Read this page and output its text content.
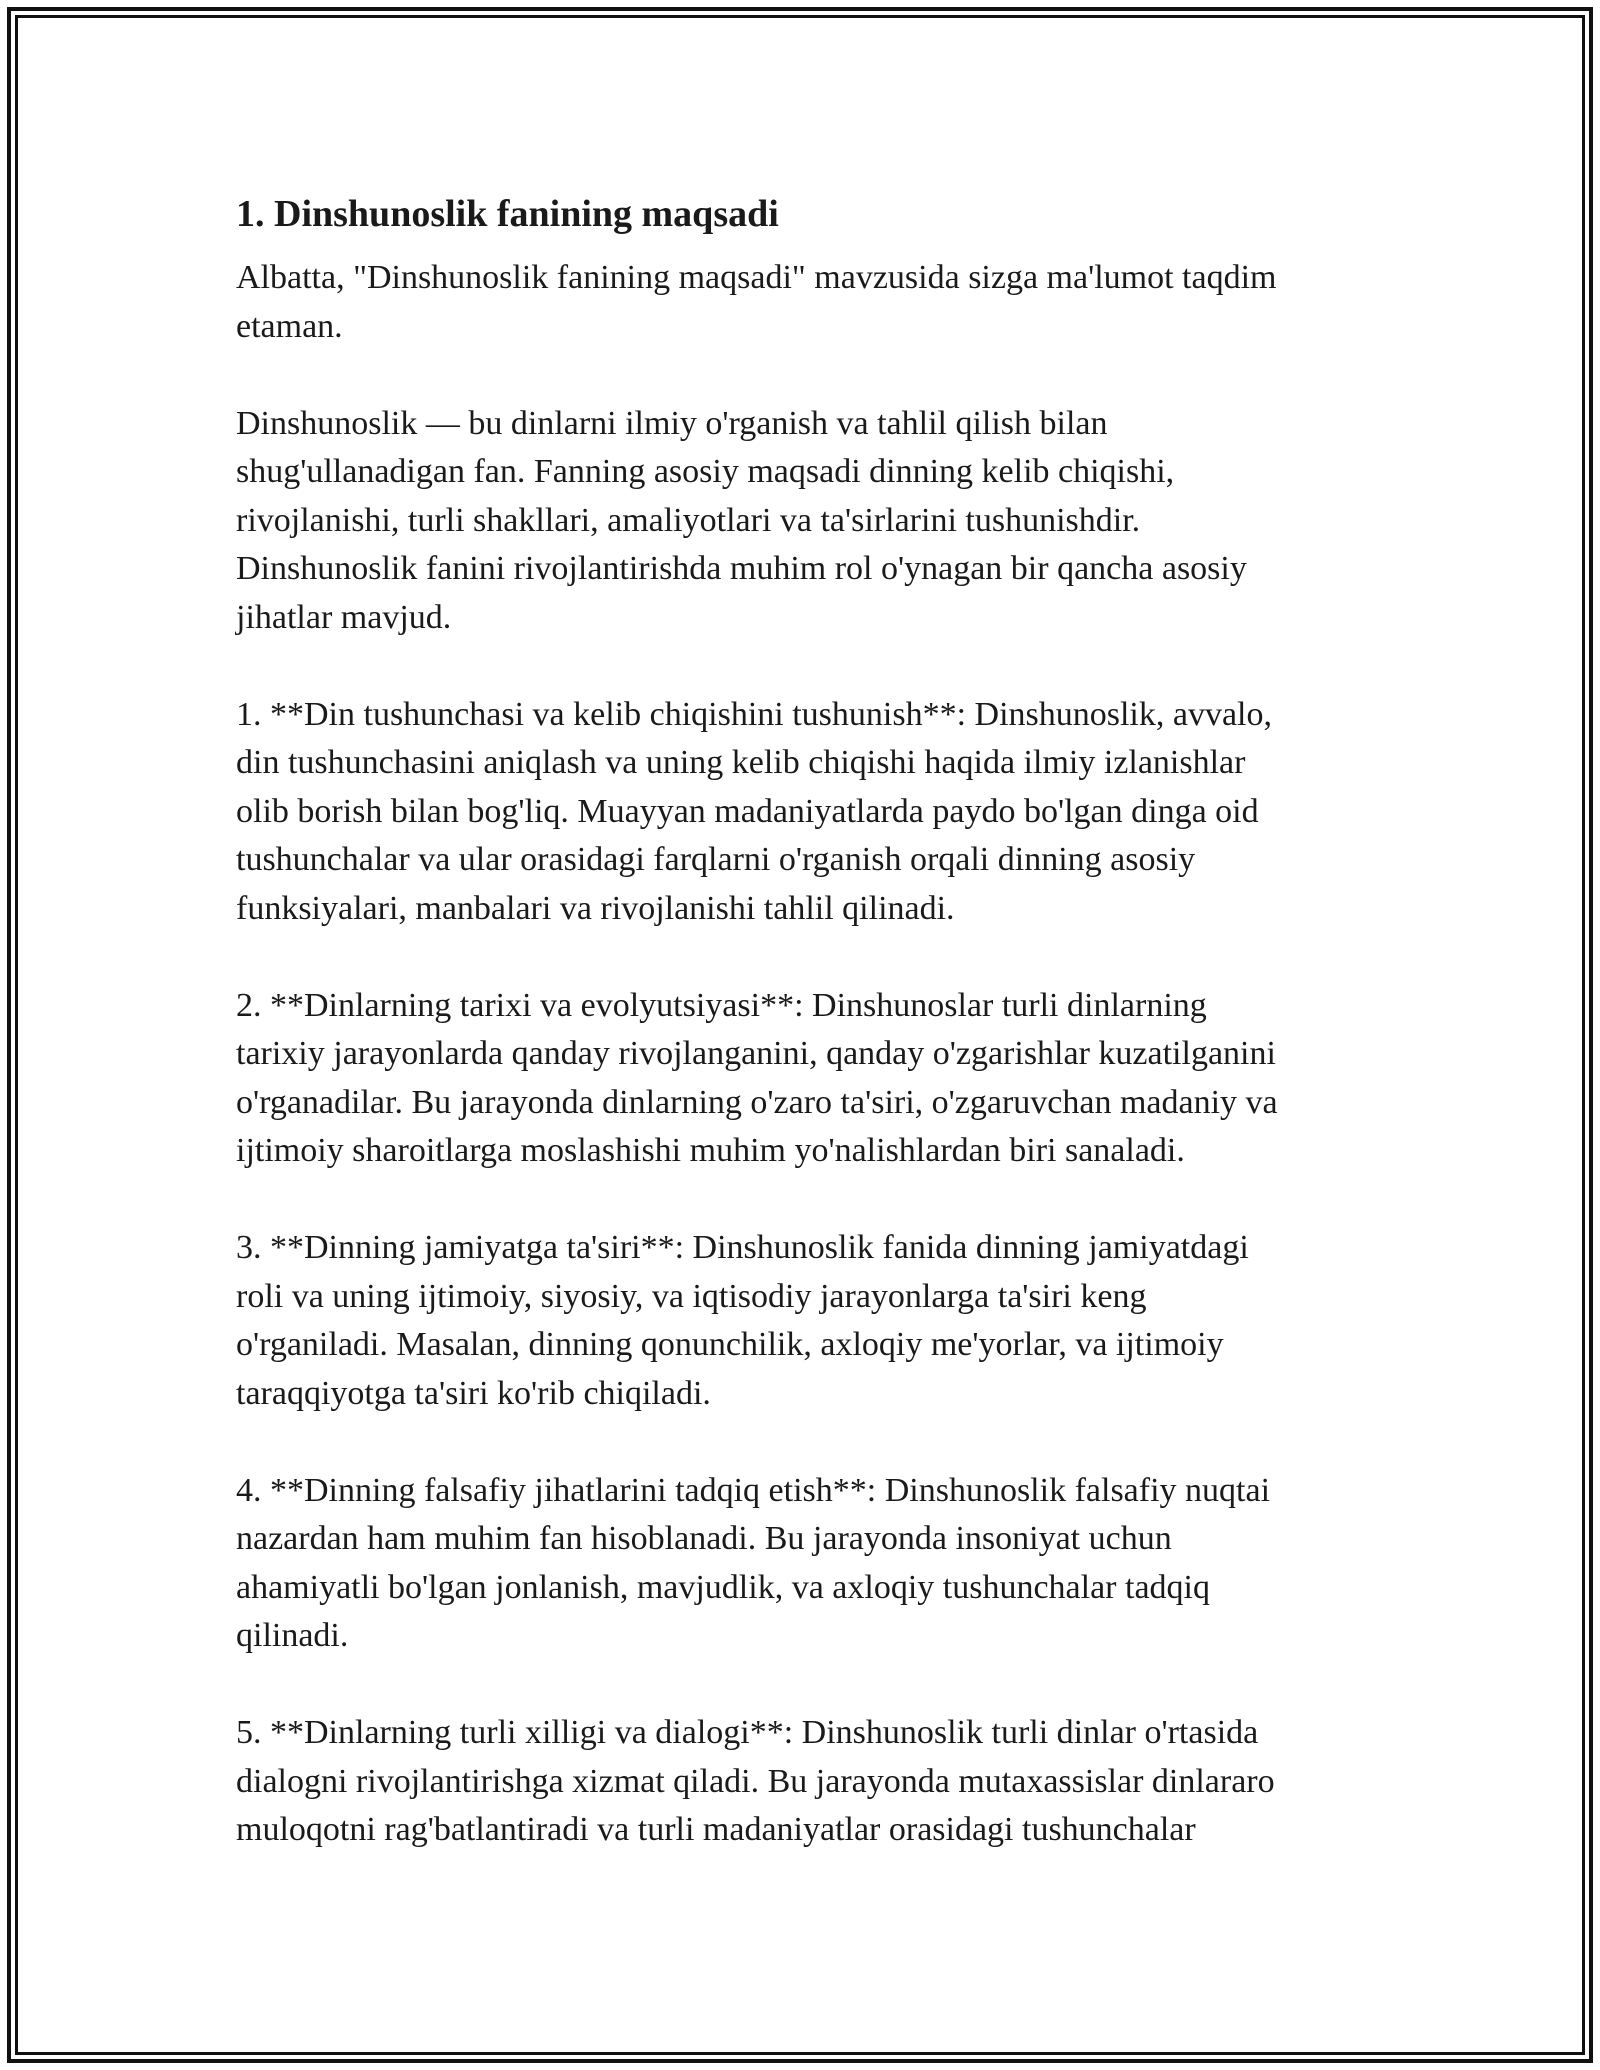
1. Dinshunoslik fanining maqsadi

Albatta, "Dinshunoslik fanining maqsadi" mavzusida sizga ma'lumot taqdim
etaman.

Dinshunoslik — bu dinlarni ilmiy o'rganish va tahlil qilish bilan
shug'ullanadigan fan. Fanning asosiy maqsadi dinning kelib chiqishi,
rivojlanishi, turli shakllari, amaliyotlari va ta'sirlarini tushunishdir.
Dinshunoslik fanini rivojlantirishda muhim rol o'ynagan bir qancha asosiy
jihatlar mavjud.

1. **Din tushunchasi va kelib chiqishini tushunish**: Dinshunoslik, avvalo,
din tushunchasini aniqlash va uning kelib chiqishi haqida ilmiy izlanishlar
olib borish bilan bog'liq. Muayyan madaniyatlarda paydo bo'lgan dinga oid
tushunchalar va ular orasidagi farqlarni o'rganish orqali dinning asosiy
funksiyalari, manbalari va rivojlanishi tahlil qilinadi.

2. **Dinlarning tarixi va evolyutsiyasi**: Dinshunoslar turli dinlarning
tarixiy jarayonlarda qanday rivojlanganini, qanday o'zgarishlar kuzatilganini
o'rganadilar. Bu jarayonda dinlarning o'zaro ta'siri, o'zgaruvchan madaniy va
ijtimoiy sharoitlarga moslashishi muhim yo'nalishlardan biri sanaladi.

3. **Dinning jamiyatga ta'siri**: Dinshunoslik fanida dinning jamiyatdagi
roli va uning ijtimoiy, siyosiy, va iqtisodiy jarayonlarga ta'siri keng
o'rganiladi. Masalan, dinning qonunchilik, axloqiy me'yorlar, va ijtimoiy
taraqqiyotga ta'siri ko'rib chiqiladi.

4. **Dinning falsafiy jihatlarini tadqiq etish**: Dinshunoslik falsafiy nuqtai
nazardan ham muhim fan hisoblanadi. Bu jarayonda insoniyat uchun
ahamiyatli bo'lgan jonlanish, mavjudlik, va axloqiy tushunchalar tadqiq
qilinadi.

5. **Dinlarning turli xilligi va dialogi**: Dinshunoslik turli dinlar o'rtasida
dialogni rivojlantirishga xizmat qiladi. Bu jarayonda mutaxassislar dinlararo
muloqotni rag'batlantiradi va turli madaniyatlar orasidagi tushunchalar
